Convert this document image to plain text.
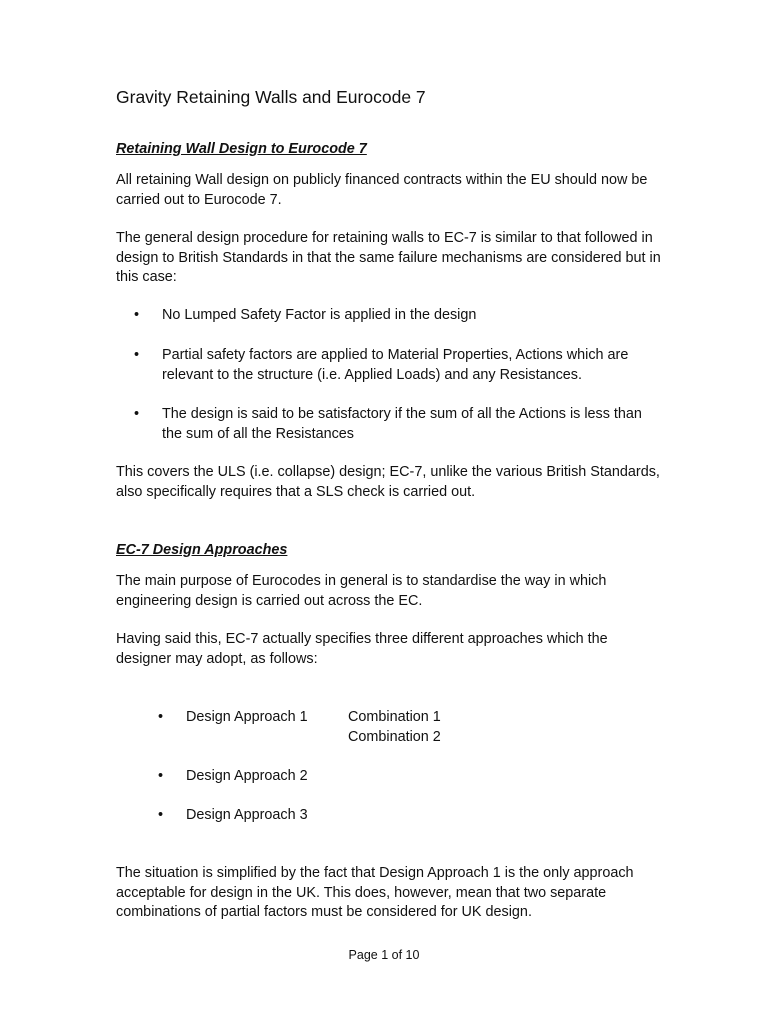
Gravity Retaining Walls and Eurocode 7
Retaining Wall Design to Eurocode 7

All retaining Wall design on publicly financed contracts within the EU should now be carried out to Eurocode 7.

The general design procedure for retaining walls to EC-7 is similar to that followed in design to British Standards in that the same failure mechanisms are considered but in this case:

• No Lumped Safety Factor is applied in the design
• Partial safety factors are applied to Material Properties, Actions which are relevant to the structure (i.e. Applied Loads) and any Resistances.
• The design is said to be satisfactory if the sum of all the Actions is less than the sum of all the Resistances

This covers the ULS (i.e. collapse) design; EC-7, unlike the various British Standards, also specifically requires that a SLS check is carried out.

EC-7 Design Approaches

The main purpose of Eurocodes in general is to standardise the way in which engineering design is carried out across the EC.

Having said this, EC-7 actually specifies three different approaches which the designer may adopt, as follows:

• Design Approach 1	Combination 1
Combination 2
• Design Approach 2
• Design Approach 3

The situation is simplified by the fact that Design Approach 1 is the only approach acceptable for design in the UK. This does, however, mean that two separate combinations of partial factors must be considered for UK design.

Page 1 of 10
